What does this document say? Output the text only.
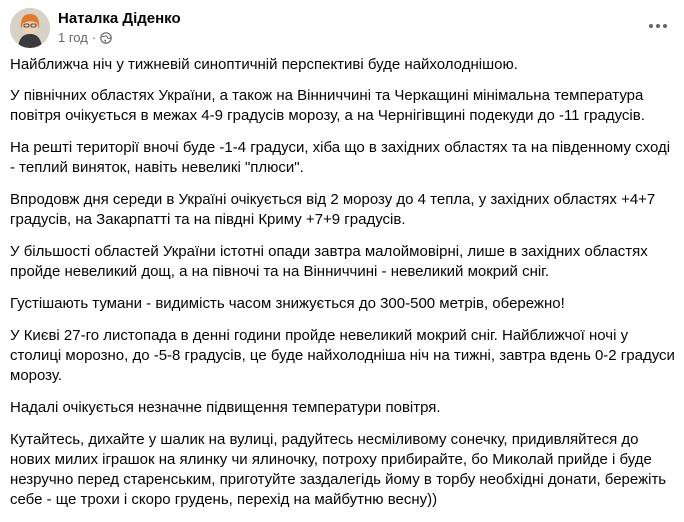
Наталка Діденко
1 год ·

Найближча ніч у тижневій синоптичній перспективі буде найхолоднішою.

У північних областях України, а також на Вінниччині та Черкащині мінімальна температура повітря очікується в межах 4-9 градусів морозу, а на Чернігівщині подекуди до -11 градусів.

На решті території вночі буде -1-4 градуси, хіба що в західних областях та на південному сході - теплий виняток, навіть невеликі "плюси".

Впродовж дня середи в Україні очікується від 2 морозу до 4 тепла, у західних областях +4+7 градусів, на Закарпатті та на півдні Криму +7+9 градусів.

У більшості областей України істотні опади завтра малоймовірні, лише в західних областях пройде невеликий дощ, а на півночі та на Вінниччині - невеликий мокрий сніг.

Густішають тумани - видимість часом знижується до 300-500 метрів, обережно!

У Києві 27-го листопада в денні години пройде невеликий мокрий сніг. Найближчої ночі у столиці морозно, до -5-8 градусів, це буде найхолодніша ніч на тижні, завтра вдень 0-2 градуси морозу.

Надалі очікується незначне підвищення температури повітря.

Кутайтесь, дихайте у шалик на вулиці, радуйтесь несміливому сонечку, придивляйтеся до нових милих іграшок на ялинку чи ялиночку, потроху прибирайте, бо Миколай прийде і буде незручно перед старенським, приготуйте заздалегідь йому в торбу необхідні донати, бережіть себе - ще трохи і скоро грудень, перехід на майбутню весну))
